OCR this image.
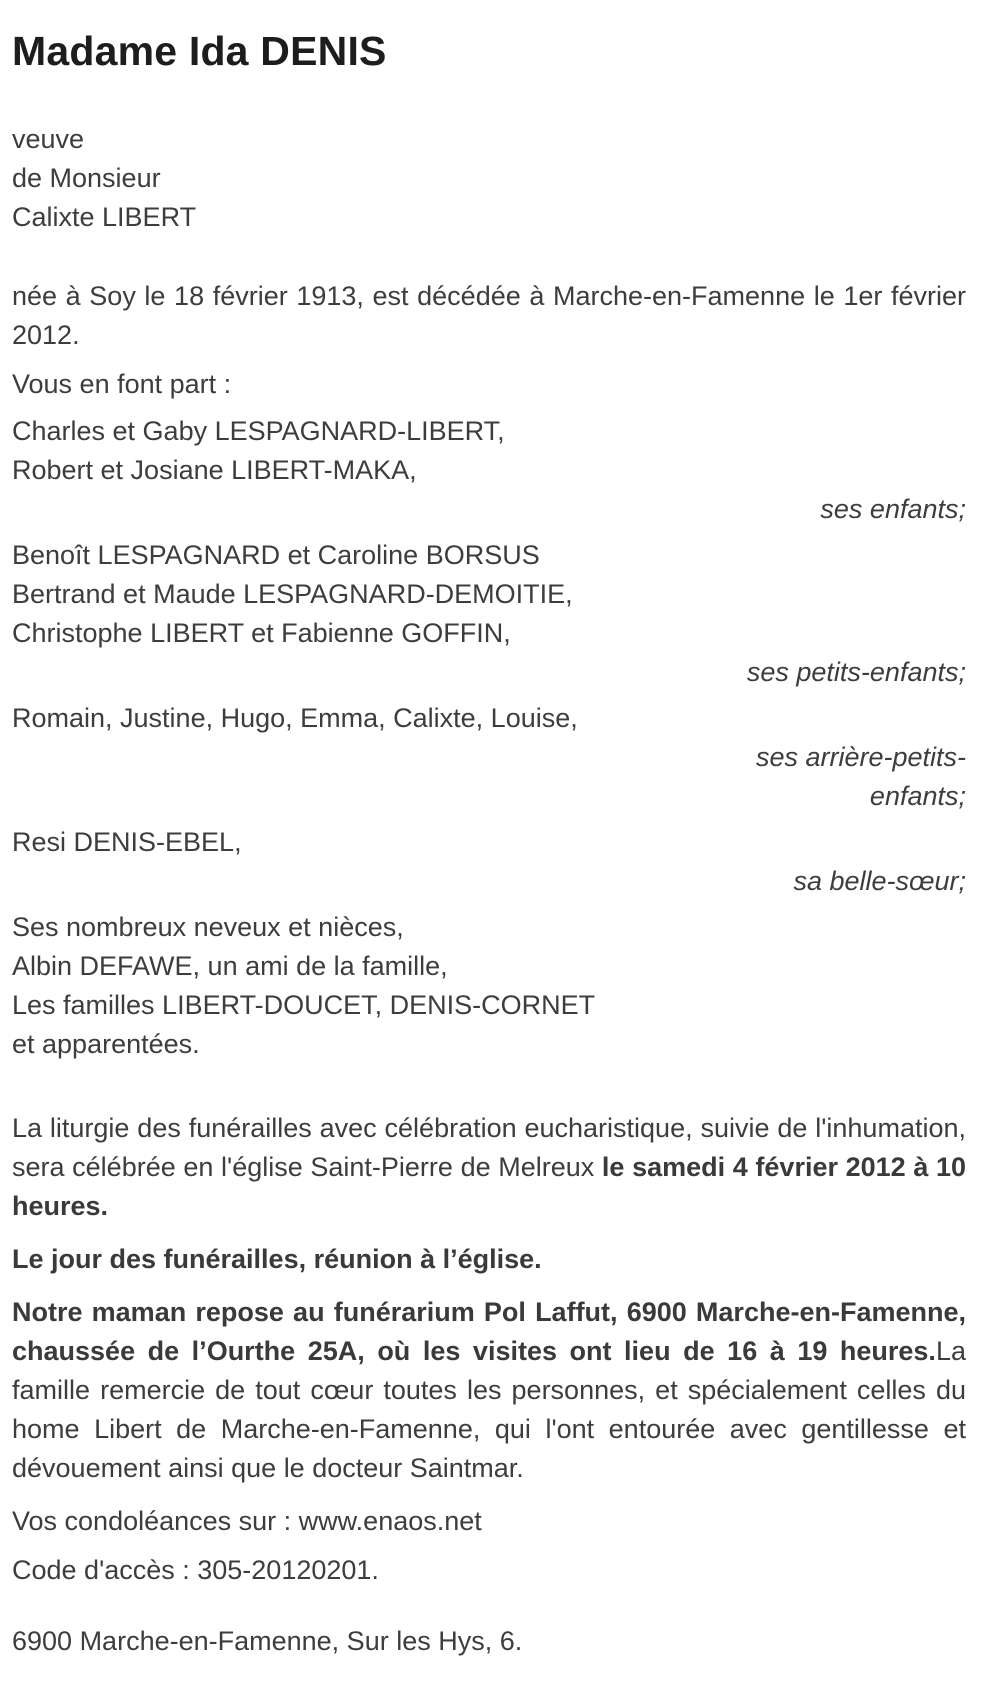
Madame Ida DENIS

veuve

de Monsieur

Calixte LIBERT

née à Soy le 18 février 1913, est décédée à Marche-en-Famenne le 1er février 2012.

Vous en font part :

Charles et Gaby LESPAGNARD-LIBERT,

Robert et Josiane LIBERT-MAKA,

ses enfants;

Benoît LESPAGNARD et Caroline BORSUS

Bertrand et Maude LESPAGNARD-DEMOITIE,

Christophe LIBERT et Fabienne GOFFIN,

ses petits-enfants;

Romain, Justine, Hugo, Emma, Calixte, Louise,

ses arrière-petits-enfants;

Resi DENIS-EBEL,

sa belle-sœur;

Ses nombreux neveux et nièces,

Albin DEFAWE, un ami de la famille,

Les familles LIBERT-DOUCET, DENIS-CORNET

et apparentées.

La liturgie des funérailles avec célébration eucharistique, suivie de l'inhumation, sera célébrée en l'église Saint-Pierre de Melreux le samedi 4 février 2012 à 10 heures.

Le jour des funérailles, réunion à l’église.

Notre maman repose au funérarium Pol Laffut, 6900 Marche-en-Famenne, chaussée de l’Ourthe 25A, où les visites ont lieu de 16 à 19 heures.La famille remercie de tout cœur toutes les personnes, et spécialement celles du home Libert de Marche-en-Famenne, qui l'ont entourée avec gentillesse et dévouement ainsi que le docteur Saintmar.

Vos condoléances sur : www.enaos.net

Code d'accès : 305-20120201.

6900 Marche-en-Famenne, Sur les Hys, 6.
